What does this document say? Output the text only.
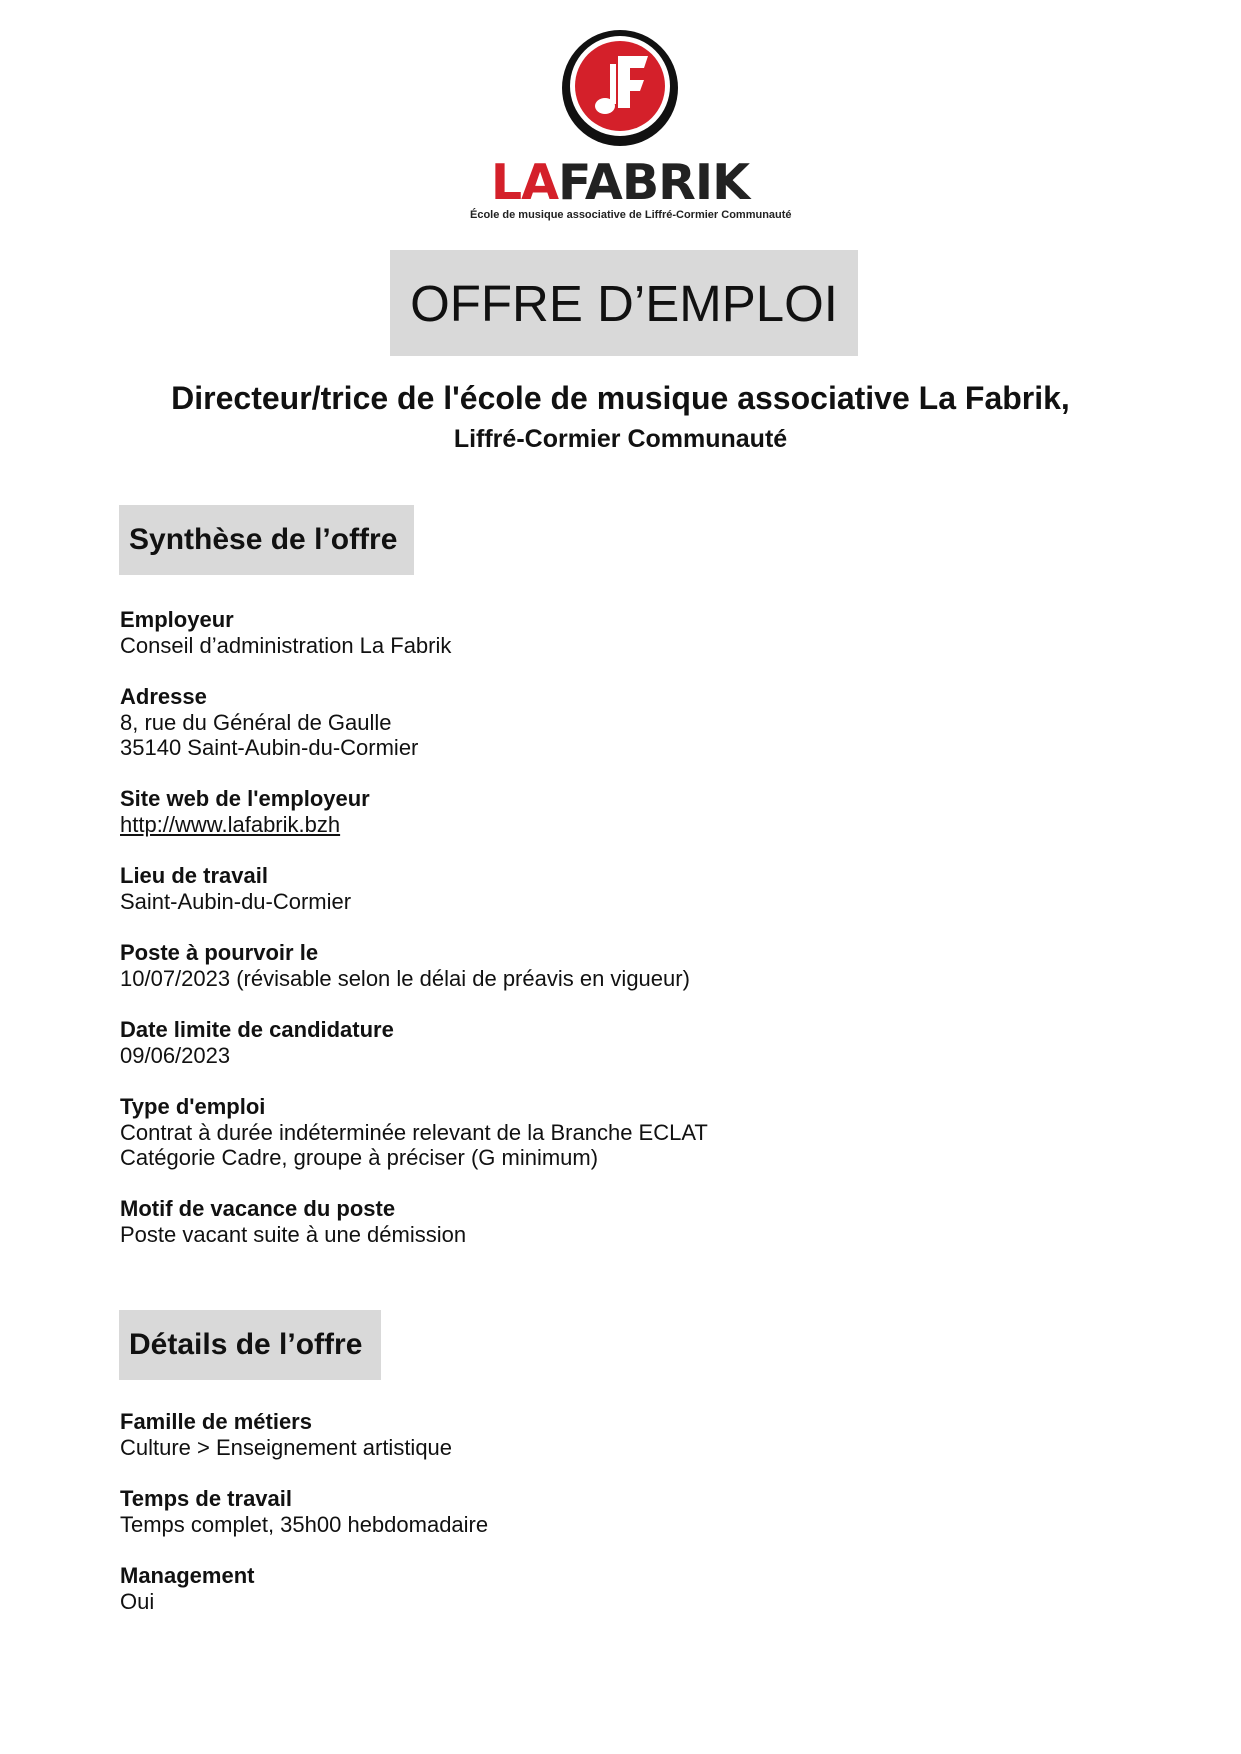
LAFABRIK
École de musique associative de Liffré-Cormier Communauté
OFFRE D’EMPLOI
Directeur/trice de l'école de musique associative La Fabrik,
Liffré-Cormier Communauté
Synthèse de l’offre
Employeur
Conseil d’administration La Fabrik
Adresse
8, rue du Général de Gaulle
35140 Saint-Aubin-du-Cormier
Site web de l'employeur
http://www.lafabrik.bzh
Lieu de travail
Saint-Aubin-du-Cormier
Poste à pourvoir le
10/07/2023 (révisable selon le délai de préavis en vigueur)
Date limite de candidature
09/06/2023
Type d'emploi
Contrat à durée indéterminée relevant de la Branche ECLAT
Catégorie Cadre, groupe à préciser (G minimum)
Motif de vacance du poste
Poste vacant suite à une démission
Détails de l’offre
Famille de métiers
Culture > Enseignement artistique
Temps de travail
Temps complet, 35h00 hebdomadaire
Management
Oui
